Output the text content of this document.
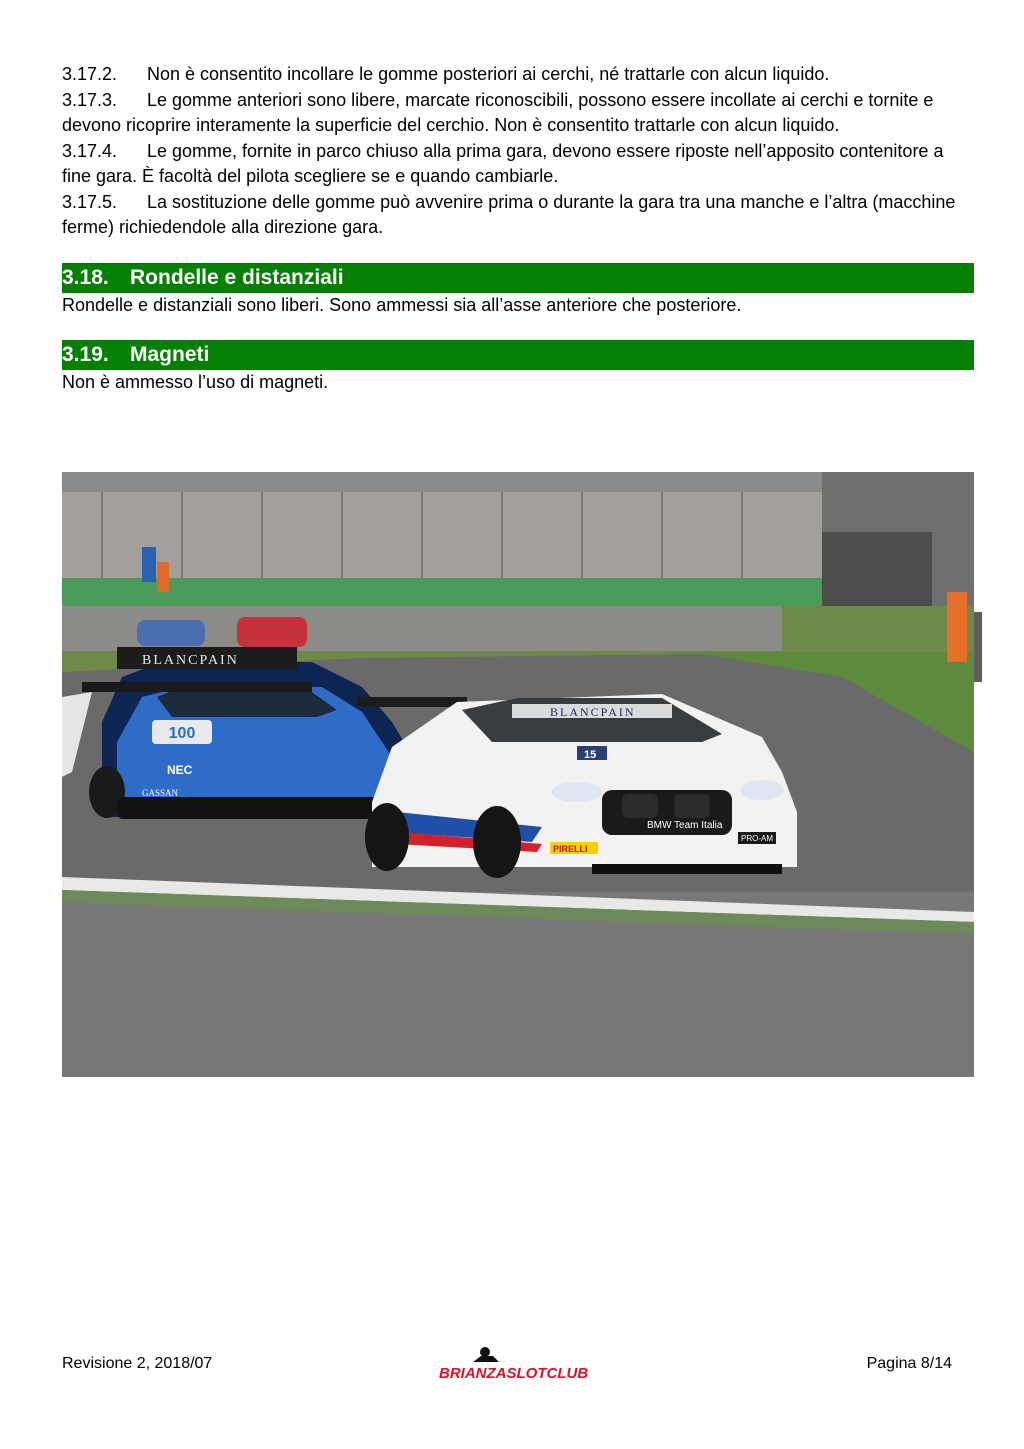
3.17.2. Non è consentito incollare le gomme posteriori ai cerchi, né trattarle con alcun liquido.

3.17.3. Le gomme anteriori sono libere, marcate riconoscibili, possono essere incollate ai cerchi e tornite e devono ricoprire interamente la superficie del cerchio. Non è consentito trattarle con alcun liquido.

3.17.4. Le gomme, fornite in parco chiuso alla prima gara, devono essere riposte nell’apposito contenitore a fine gara. È facoltà del pilota scegliere se e quando cambiarle.

3.17.5. La sostituzione delle gomme può avvenire prima o durante la gara tra una manche e l’altra (macchine ferme) richiedendole alla direzione gara.

3.18. Rondelle e distanziali

Rondelle e distanziali sono liberi. Sono ammessi sia all’asse anteriore che posteriore.

3.19. Magneti

Non è ammesso l’uso di magneti.

100
NEC
GASSAN
BLANCPAIN
BLANCPAIN
BMW Team Italia
PIRELLI
PRO-AM
15
Revisione 2, 2018/07
BRIANZASLOTCLUB
Pagina 8/14
